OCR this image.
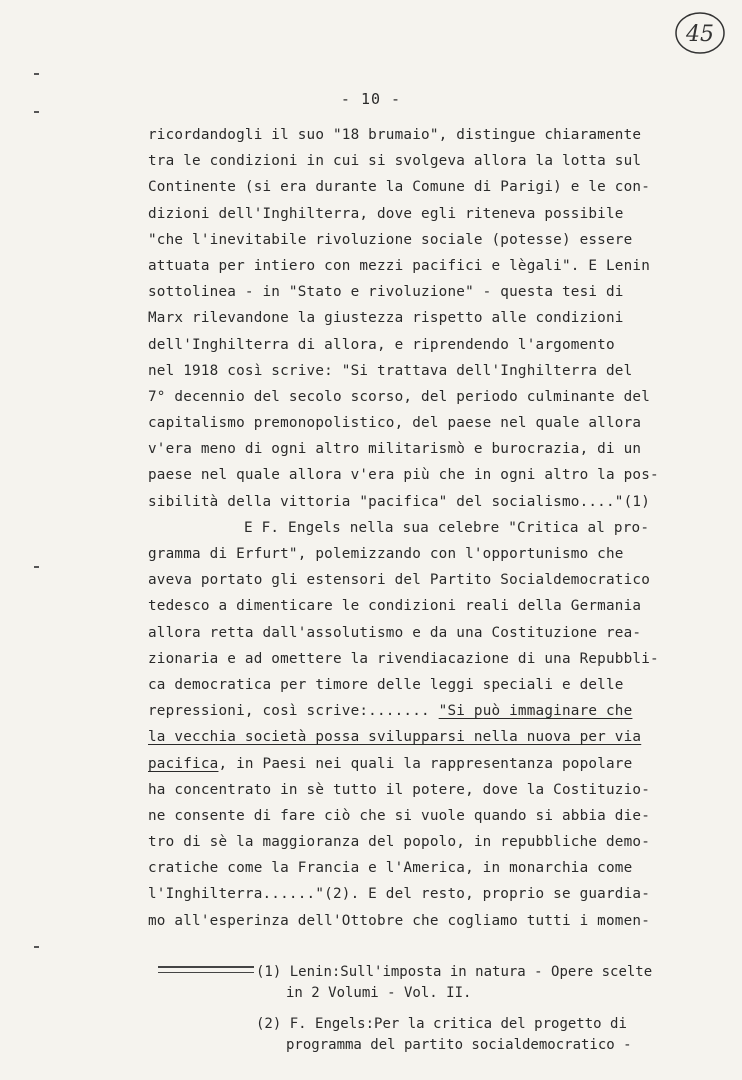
45
- 10 -
ricordandogli il suo "18 brumaio", distingue chiaramente
tra le condizioni in cui si svolgeva allora la lotta sul
Continente (si era durante la Comune di Parigi) e le con-
dizioni dell'Inghilterra, dove egli riteneva possibile
"che l'inevitabile rivoluzione sociale (potesse) essere
attuata per intiero con mezzi pacifici e lègali". E Lenin
sottolinea - in "Stato e rivoluzione" - questa tesi di
Marx rilevandone la giustezza rispetto alle condizioni
dell'Inghilterra di allora, e riprendendo l'argomento
nel 1918 così scrive: "Si trattava dell'Inghilterra del
7° decennio del secolo scorso, del periodo culminante del
capitalismo premonopolistico, del paese nel quale allora
v'era meno di ogni altro militarismò e burocrazia, di un
paese nel quale allora v'era più che in ogni altro la pos-
sibilità della vittoria "pacifica" del socialismo...."(1)
E F. Engels nella sua celebre "Critica al pro-
gramma di Erfurt", polemizzando con l'opportunismo che
aveva portato gli estensori del Partito Socialdemocratico
tedesco a dimenticare le condizioni reali della Germania
allora retta dall'assolutismo e da una Costituzione rea-
zionaria e ad omettere la rivendiacazione di una Repubbli-
ca democratica per timore delle leggi speciali e delle
repressioni, così scrive:....... "Si può immaginare che
la vecchia società possa svilupparsi nella nuova per via
pacifica, in Paesi nei quali la rappresentanza popolare
ha concentrato in sè tutto il potere, dove la Costituzio-
ne consente di fare ciò che si vuole quando si abbia die-
tro di sè la maggioranza del popolo, in repubbliche demo-
cratiche come la Francia e l'America, in monarchia come
l'Inghilterra......"(2). E del resto, proprio se guardia-
mo all'esperinza dell'Ottobre che cogliamo tutti i momen-
(1) Lenin:Sull'imposta in natura - Opere scelte
in 2 Volumi - Vol. II.
(2) F. Engels:Per la critica del progetto di
programma del partito socialdemocratico -
